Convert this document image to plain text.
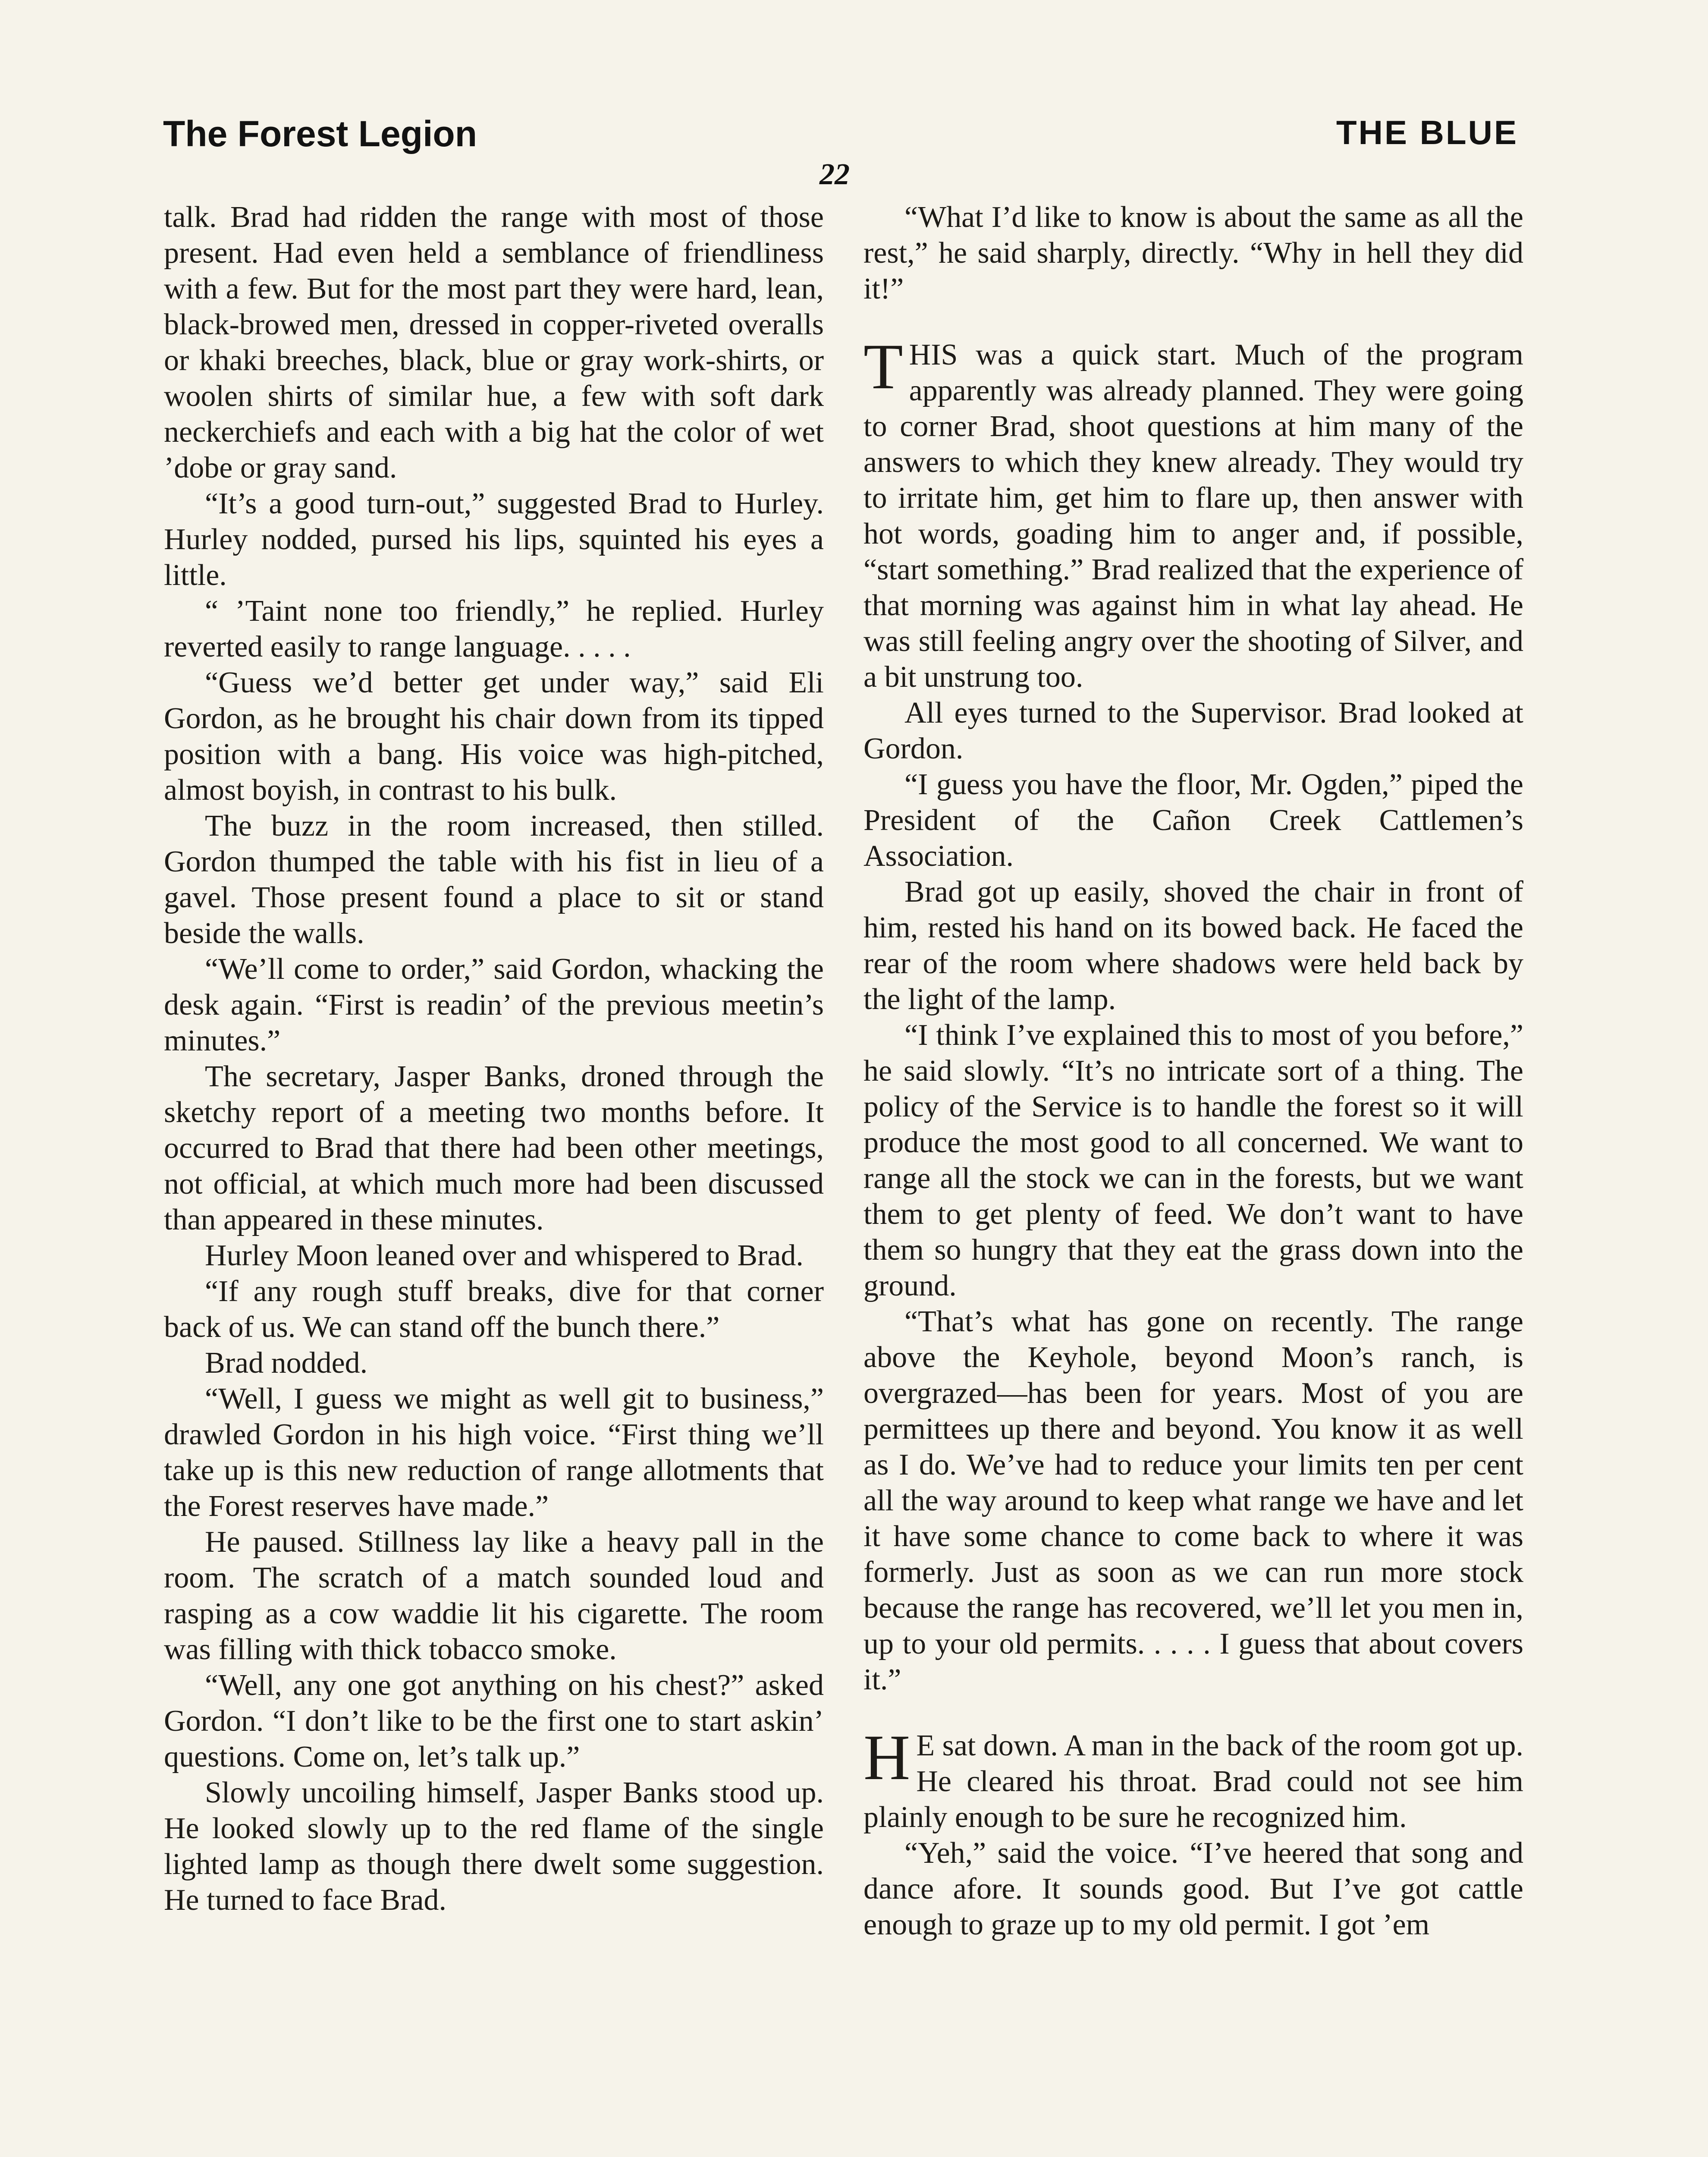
The Forest Legion	THE BLUE
22

talk. Brad had ridden the range with most of those present. Had even held a semblance of friendliness with a few. But for the most part they were hard, lean, black-browed men, dressed in copper-riveted overalls or khaki breeches, black, blue or gray work-shirts, or woolen shirts of similar hue, a few with soft dark neckerchiefs and each with a big hat the color of wet ’dobe or gray sand.

“It’s a good turn-out,” suggested Brad to Hurley. Hurley nodded, pursed his lips, squinted his eyes a little.

“ ’Taint none too friendly,” he replied. Hurley reverted easily to range language. . . . .

“Guess we’d better get under way,” said Eli Gordon, as he brought his chair down from its tipped position with a bang. His voice was high-pitched, almost boyish, in contrast to his bulk.

The buzz in the room increased, then stilled. Gordon thumped the table with his fist in lieu of a gavel. Those present found a place to sit or stand beside the walls.

“We’ll come to order,” said Gordon, whacking the desk again. “First is readin’ of the previous meetin’s minutes.”

The secretary, Jasper Banks, droned through the sketchy report of a meeting two months before. It occurred to Brad that there had been other meetings, not official, at which much more had been discussed than appeared in these minutes.

Hurley Moon leaned over and whispered to Brad.

“If any rough stuff breaks, dive for that corner back of us. We can stand off the bunch there.”

Brad nodded.

“Well, I guess we might as well git to business,” drawled Gordon in his high voice. “First thing we’ll take up is this new reduction of range allotments that the Forest reserves have made.”

He paused. Stillness lay like a heavy pall in the room. The scratch of a match sounded loud and rasping as a cow waddie lit his cigarette. The room was filling with thick tobacco smoke.

“Well, any one got anything on his chest?” asked Gordon. “I don’t like to be the first one to start askin’ questions. Come on, let’s talk up.”

Slowly uncoiling himself, Jasper Banks stood up. He looked slowly up to the red flame of the single lighted lamp as though there dwelt some suggestion. He turned to face Brad.

“What I’d like to know is about the same as all the rest,” he said sharply, directly. “Why in hell they did it!”

THIS was a quick start. Much of the program apparently was already planned. They were going to corner Brad, shoot questions at him many of the answers to which they knew already. They would try to irritate him, get him to flare up, then answer with hot words, goading him to anger and, if possible, “start something.” Brad realized that the experience of that morning was against him in what lay ahead. He was still feeling angry over the shooting of Silver, and a bit unstrung too.

All eyes turned to the Supervisor. Brad looked at Gordon.

“I guess you have the floor, Mr. Ogden,” piped the President of the Cañon Creek Cattlemen’s Association.

Brad got up easily, shoved the chair in front of him, rested his hand on its bowed back. He faced the rear of the room where shadows were held back by the light of the lamp.

“I think I’ve explained this to most of you before,” he said slowly. “It’s no intricate sort of a thing. The policy of the Service is to handle the forest so it will produce the most good to all concerned. We want to range all the stock we can in the forests, but we want them to get plenty of feed. We don’t want to have them so hungry that they eat the grass down into the ground.

“That’s what has gone on recently. The range above the Keyhole, beyond Moon’s ranch, is overgrazed—has been for years. Most of you are permittees up there and beyond. You know it as well as I do. We’ve had to reduce your limits ten per cent all the way around to keep what range we have and let it have some chance to come back to where it was formerly. Just as soon as we can run more stock because the range has recovered, we’ll let you men in, up to your old permits. . . . . I guess that about covers it.”

H E sat down. A man in the back of the room got up. He cleared his throat. Brad could not see him plainly enough to be sure he recognized him.

“Yeh,” said the voice. “I’ve heered that song and dance afore. It sounds good. But I’ve got cattle enough to graze up to my old permit. I got ’em
